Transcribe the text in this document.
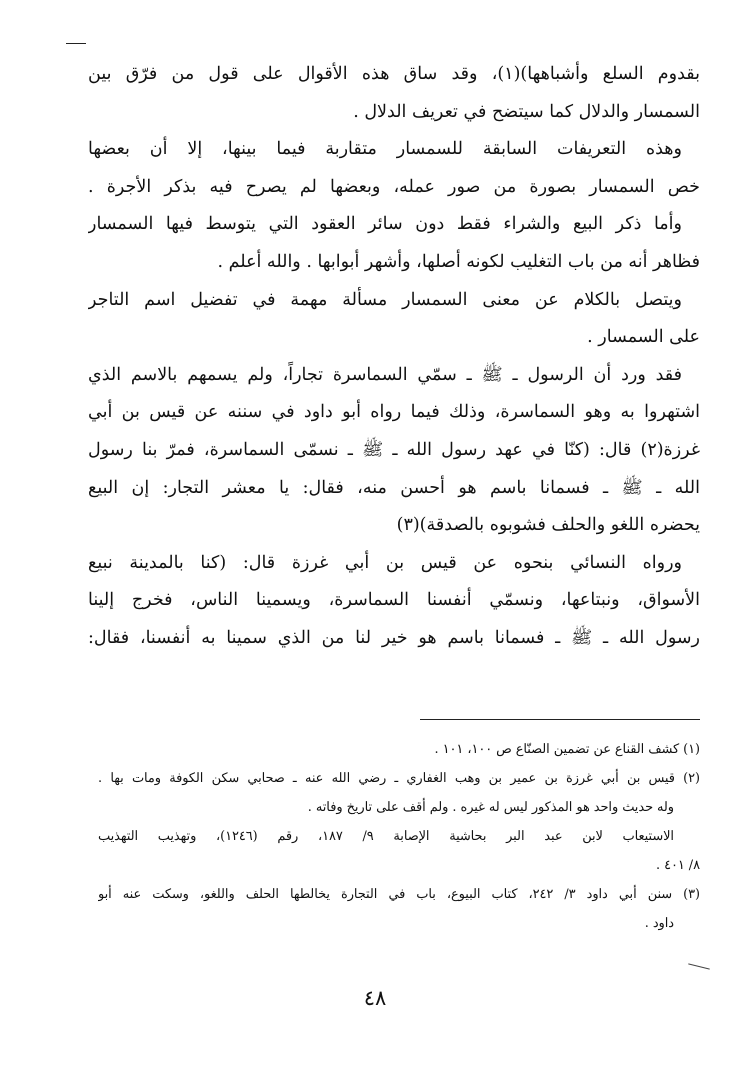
بقدوم السلع وأشباهها)(١)، وقد ساق هذه الأقوال على قول من فرّق بين
السمسار والدلال كما سيتضح في تعريف الدلال .
وهذه التعريفات السابقة للسمسار متقاربة فيما بينها، إلا أن بعضها
خص السمسار بصورة من صور عمله، وبعضها لم يصرح فيه بذكر الأجرة .
وأما ذكر البيع والشراء فقط دون سائر العقود التي يتوسط فيها السمسار
فظاهر أنه من باب التغليب لكونه أصلها، وأشهر أبوابها . والله أعلم .
ويتصل بالكلام عن معنى السمسار مسألة مهمة في تفضيل اسم التاجر
على السمسار .
فقد ورد أن الرسول ـ ﷺ ـ سمّي السماسرة تجاراً، ولم يسمهم بالاسم الذي
اشتهروا به وهو السماسرة، وذلك فيما رواه أبو داود في سننه عن قيس بن أبي
غرزة(٢) قال: (كنّا في عهد رسول الله ـ ﷺ ـ نسمّى السماسرة، فمرّ بنا رسول
الله ـ ﷺ ـ فسمانا باسم هو أحسن منه، فقال: يا معشر التجار: إن البيع
يحضره اللغو والحلف فشوبوه بالصدقة)(٣)
ورواه النسائي بنحوه عن قيس بن أبي غرزة قال: (كنا بالمدينة نبيع
الأسواق، ونبتاعها، ونسمّي أنفسنا السماسرة، ويسمينا الناس، فخرج إلينا
رسول الله ـ ﷺ ـ فسمانا باسم هو خير لنا من الذي سمينا به أنفسنا، فقال:
(١) كشف القناع عن تضمين الصنّاع ص ١٠٠، ١٠١ .
(٢) قيس بن أبي غرزة بن عمير بن وهب الغفاري ـ رضي الله عنه ـ صحابي سكن الكوفة ومات بها .
وله حديث واحد هو المذكور ليس له غيره . ولم أقف على تاريخ وفاته .
الاستيعاب لابن عبد البر بحاشية الإصابة ٩/ ١٨٧، رقم (١٢٤٦)، وتهذيب التهذيب
٨/ ٤٠١ .
(٣) سنن أبي داود ٣/ ٢٤٢، كتاب البيوع، باب في التجارة يخالطها الحلف واللغو، وسكت عنه أبو
داود .
٤٨
